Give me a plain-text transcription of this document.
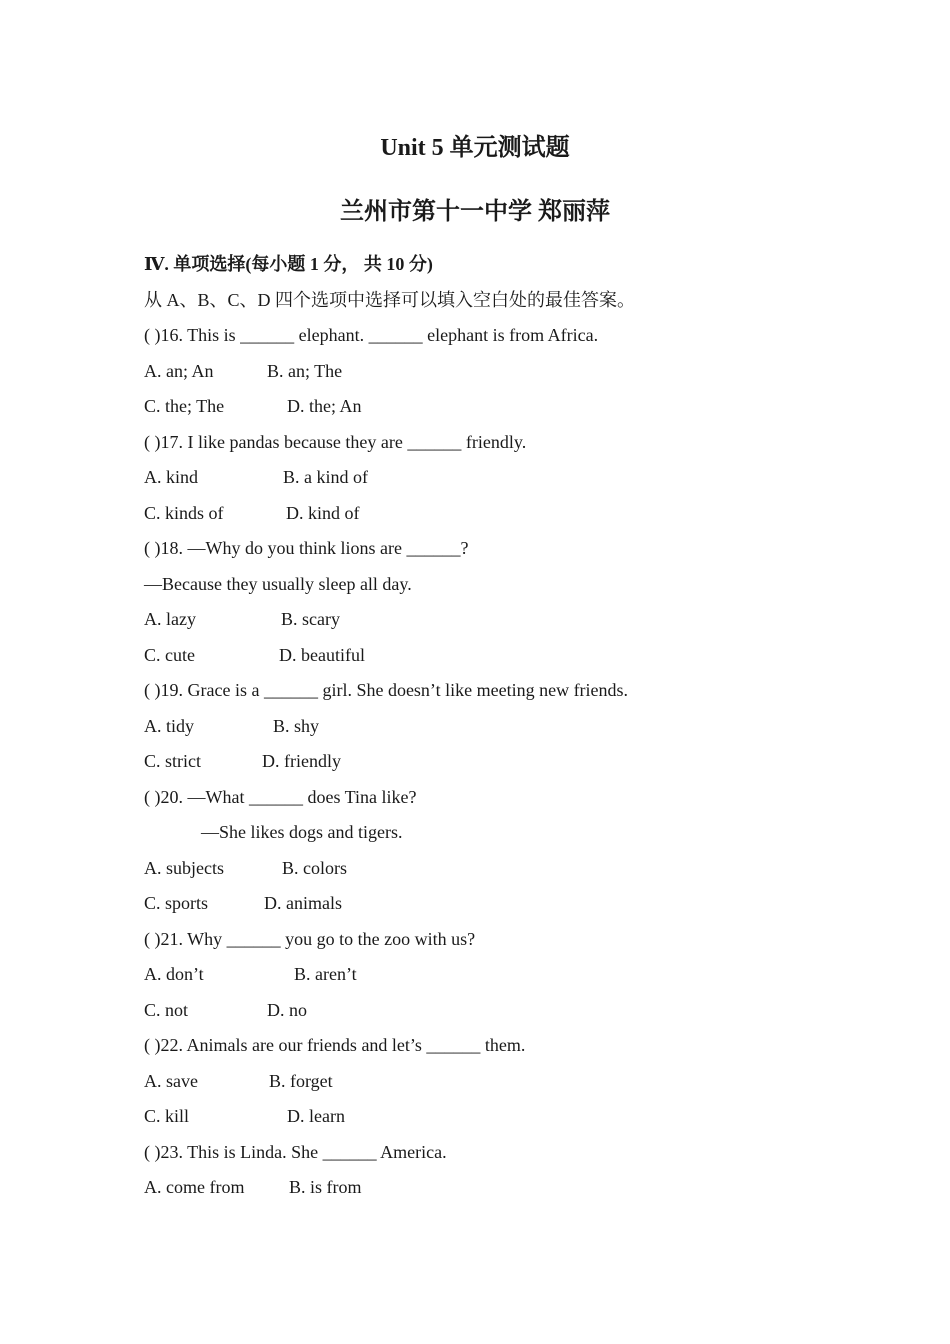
Unit 5 单元测试题
兰州市第十一中学 郑丽萍
Ⅳ. 单项选择(每小题 1 分， 共 10 分)
从 A、B、C、D 四个选项中选择可以填入空白处的最佳答案。
( )16. This is ______ elephant. ______ elephant is from Africa.
A. an; An	B. an; The
C. the; The	D. the; An
( )17. I like pandas because they are ______ friendly.
A. kind	B. a kind of
C. kinds of	D. kind of
( )18. —Why do you think lions are ______?
—Because they usually sleep all day.
A. lazy	B. scary
C. cute	D. beautiful
( )19. Grace is a ______ girl. She doesn’t like meeting new friends.
A. tidy	B. shy
C. strict	D. friendly
( )20. —What ______ does Tina like?
—She likes dogs and tigers.
A. subjects	B. colors
C. sports	D. animals
( )21. Why ______ you go to the zoo with us?
A. don’t	B. aren’t
C. not	D. no
( )22. Animals are our friends and let’s ______ them.
A. save	B. forget
C. kill	D. learn
( )23. This is Linda. She ______ America.
A. come from B. is from
